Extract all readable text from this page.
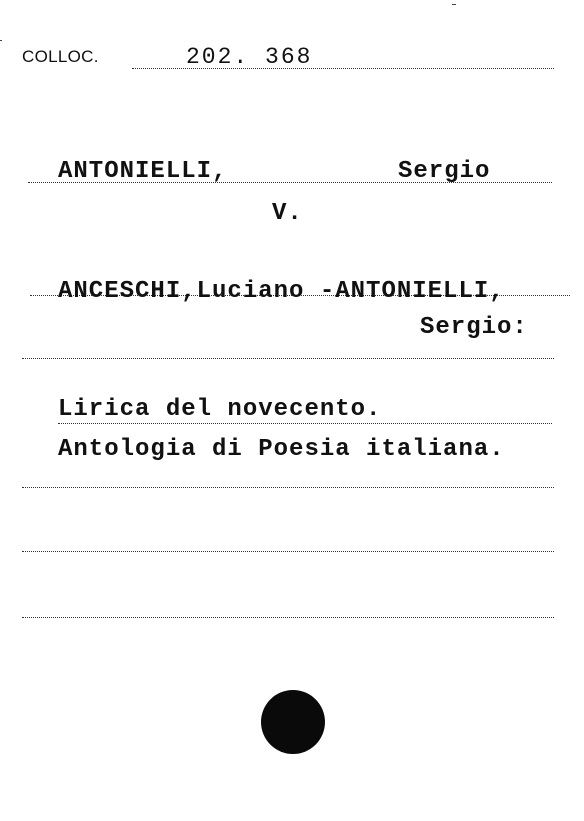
COLLOC.	202. 368
ANTONIELLI,	Sergio
V.
ANCESCHI,Luciano -ANTONIELLI,
Sergio:
Lirica del novecento.
Antologia di Poesia italiana.
